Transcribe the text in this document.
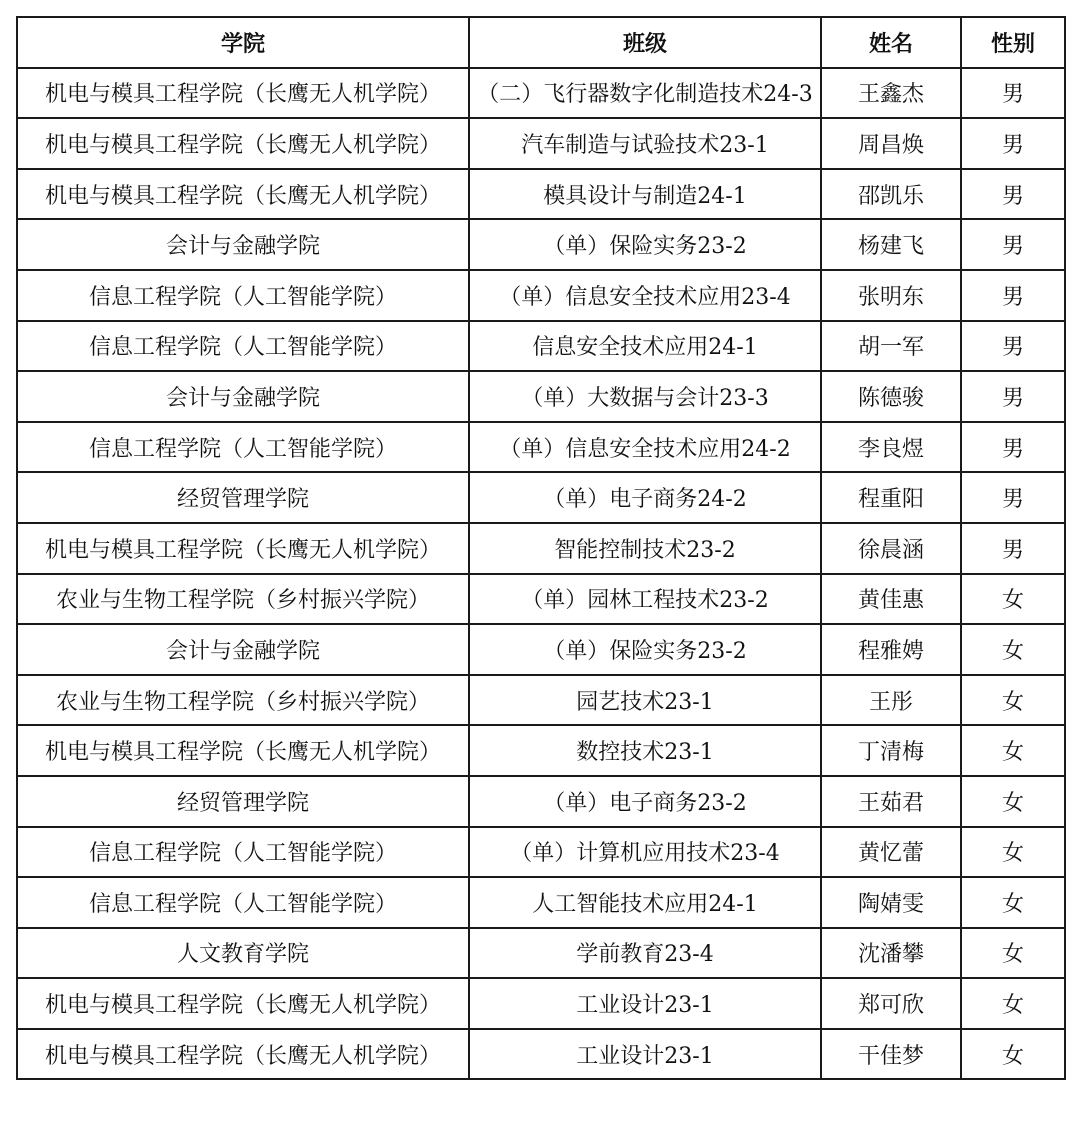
学院	班级	姓名	性别
机电与模具工程学院（长鹰无人机学院）	（二）飞行器数字化制造技术24-3	王鑫杰	男
机电与模具工程学院（长鹰无人机学院）	汽车制造与试验技术23-1	周昌焕	男
机电与模具工程学院（长鹰无人机学院）	模具设计与制造24-1	邵凯乐	男
会计与金融学院	（单）保险实务23-2	杨建飞	男
信息工程学院（人工智能学院）	（单）信息安全技术应用23-4	张明东	男
信息工程学院（人工智能学院）	信息安全技术应用24-1	胡一军	男
会计与金融学院	（单）大数据与会计23-3	陈德骏	男
信息工程学院（人工智能学院）	（单）信息安全技术应用24-2	李良煜	男
经贸管理学院	（单）电子商务24-2	程重阳	男
机电与模具工程学院（长鹰无人机学院）	智能控制技术23-2	徐晨涵	男
农业与生物工程学院（乡村振兴学院）	（单）园林工程技术23-2	黄佳惠	女
会计与金融学院	（单）保险实务23-2	程雅娉	女
农业与生物工程学院（乡村振兴学院）	园艺技术23-1	王彤	女
机电与模具工程学院（长鹰无人机学院）	数控技术23-1	丁清梅	女
经贸管理学院	（单）电子商务23-2	王茹君	女
信息工程学院（人工智能学院）	（单）计算机应用技术23-4	黄忆蕾	女
信息工程学院（人工智能学院）	人工智能技术应用24-1	陶婧雯	女
人文教育学院	学前教育23-4	沈潘攀	女
机电与模具工程学院（长鹰无人机学院）	工业设计23-1	郑可欣	女
机电与模具工程学院（长鹰无人机学院）	工业设计23-1	干佳梦	女
